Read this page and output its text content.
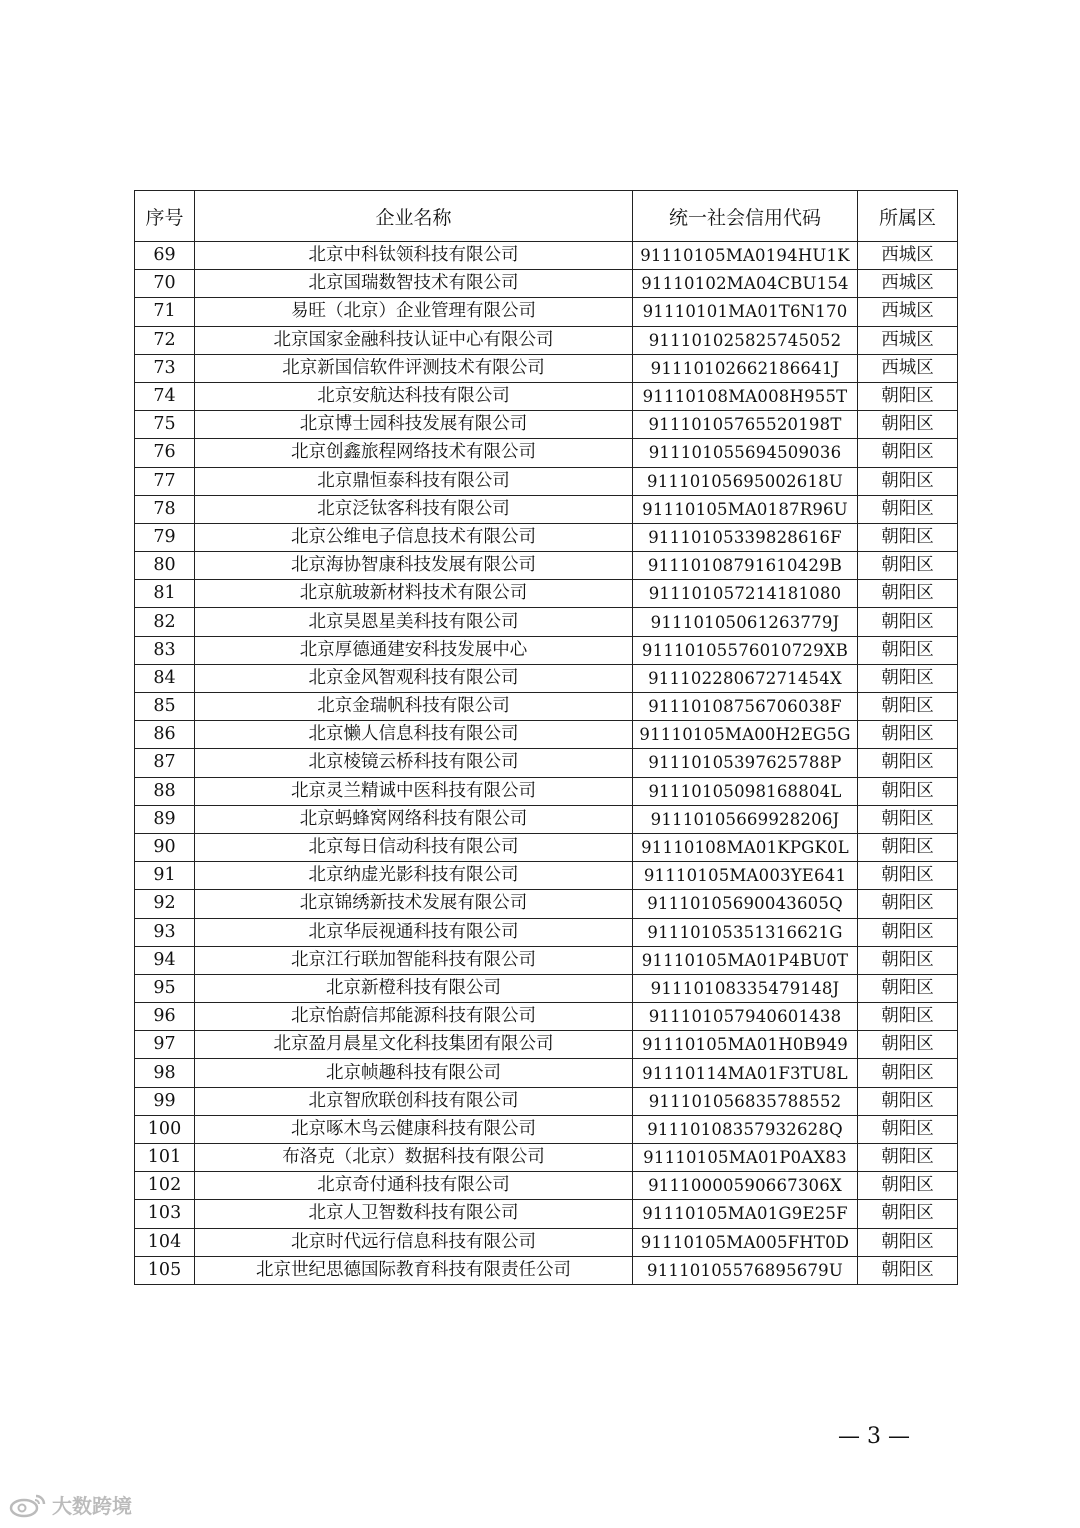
序号	企业名称	统一社会信用代码	所属区
69	北京中科钛领科技有限公司	91110105MA0194HU1K	西城区
70	北京国瑞数智技术有限公司	91110102MA04CBU154	西城区
71	易旺（北京）企业管理有限公司	91110101MA01T6N170	西城区
72	北京国家金融科技认证中心有限公司	911101025825745052	西城区
73	北京新国信软件评测技术有限公司	91110102662186641J	西城区
74	北京安航达科技有限公司	91110108MA008H955T	朝阳区
75	北京博士园科技发展有限公司	91110105765520198T	朝阳区
76	北京创鑫旅程网络技术有限公司	911101055694509036	朝阳区
77	北京鼎恒泰科技有限公司	91110105695002618U	朝阳区
78	北京泛钛客科技有限公司	91110105MA0187R96U	朝阳区
79	北京公维电子信息技术有限公司	91110105339828616F	朝阳区
80	北京海协智康科技发展有限公司	91110108791610429B	朝阳区
81	北京航玻新材料技术有限公司	911101057214181080	朝阳区
82	北京昊恩星美科技有限公司	91110105061263779J	朝阳区
83	北京厚德通建安科技发展中心	91110105576010729XB	朝阳区
84	北京金风智观科技有限公司	91110228067271454X	朝阳区
85	北京金瑞帆科技有限公司	91110108756706038F	朝阳区
86	北京懒人信息科技有限公司	91110105MA00H2EG5G	朝阳区
87	北京棱镜云桥科技有限公司	91110105397625788P	朝阳区
88	北京灵兰精诚中医科技有限公司	91110105098168804L	朝阳区
89	北京蚂蜂窝网络科技有限公司	91110105669928206J	朝阳区
90	北京每日信动科技有限公司	91110108MA01KPGK0L	朝阳区
91	北京纳虚光影科技有限公司	91110105MA003YE641	朝阳区
92	北京锦绣新技术发展有限公司	91110105690043605Q	朝阳区
93	北京华辰视通科技有限公司	91110105351316621G	朝阳区
94	北京江行联加智能科技有限公司	91110105MA01P4BU0T	朝阳区
95	北京新橙科技有限公司	91110108335479148J	朝阳区
96	北京怡蔚信邦能源科技有限公司	911101057940601438	朝阳区
97	北京盈月晨星文化科技集团有限公司	91110105MA01H0B949	朝阳区
98	北京帧趣科技有限公司	91110114MA01F3TU8L	朝阳区
99	北京智欣联创科技有限公司	911101056835788552	朝阳区
100	北京啄木鸟云健康科技有限公司	91110108357932628Q	朝阳区
101	布洛克（北京）数据科技有限公司	91110105MA01P0AX83	朝阳区
102	北京奇付通科技有限公司	91110000590667306X	朝阳区
103	北京人卫智数科技有限公司	91110105MA01G9E25F	朝阳区
104	北京时代远行信息科技有限公司	91110105MA005FHT0D	朝阳区
105	北京世纪思德国际教育科技有限责任公司	91110105576895679U	朝阳区
— 3 —
大数跨境
